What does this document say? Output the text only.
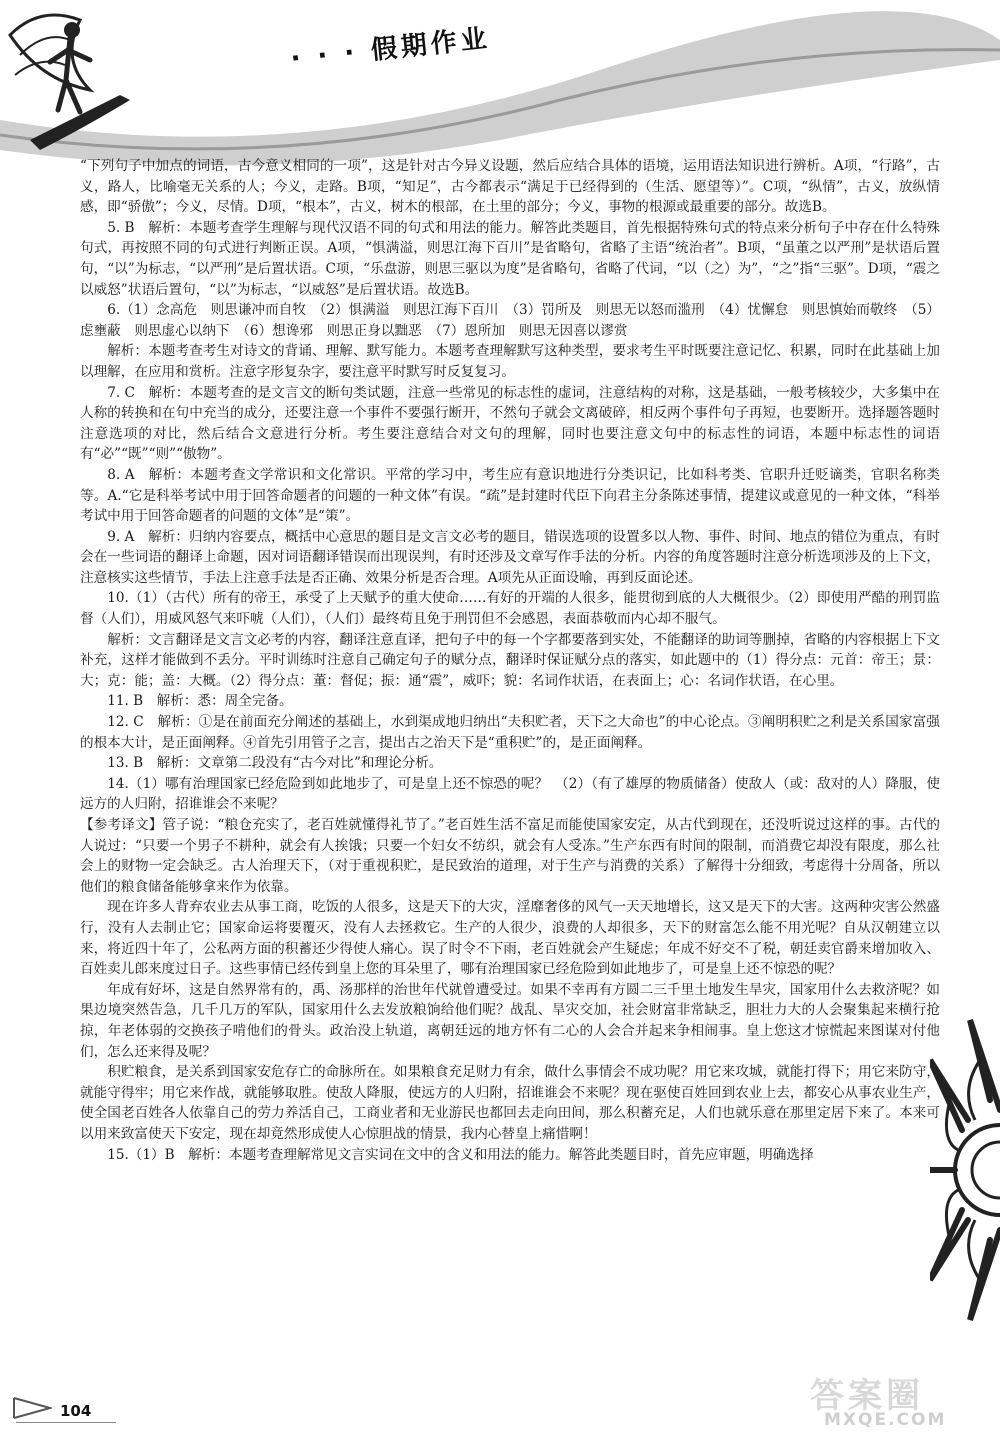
· · · 假期作业

“下列句子中加点的词语，古今意义相同的一项”，这是针对古今异义设题，然后应结合具体的语境，运用语法知识进行辨析。A项，“行路”，古义，路人，比喻毫无关系的人；今义，走路。B项，“知足”，古今都表示“满足于已经得到的（生活、愿望等）”。C项，“纵情”，古义，放纵情感，即“骄傲”；今义，尽情。D项，“根本”，古义，树木的根部，在土里的部分；今义，事物的根源或最重要的部分。故选B。

5. B　解析：本题考查学生理解与现代汉语不同的句式和用法的能力。解答此类题目，首先根据特殊句式的特点来分析句子中存在什么特殊句式，再按照不同的句式进行判断正误。A项，“惧满溢，则思江海下百川”是省略句，省略了主语“统治者”。B项，“虽董之以严刑”是状语后置句，“以”为标志，“以严刑”是后置状语。C项，“乐盘游，则思三驱以为度”是省略句，省略了代词，“以（之）为”，“之”指“三驱”。D项，“震之以威怒”状语后置句，“以”为标志，“以威怒”是后置状语。故选B。

6.（1）念高危　则思谦冲而自牧　（2）惧满溢　则思江海下百川　（3）罚所及　则思无以怒而滥刑　（4）忧懈怠　则思慎始而敬终　（5）虑壅蔽　则思虚心以纳下　（6）想谗邪　则思正身以黜恶　（7）恩所加　则思无因喜以谬赏

解析：本题考查考生对诗文的背诵、理解、默写能力。本题考查理解默写这种类型，要求考生平时既要注意记忆、积累，同时在此基础上加以理解，在应用和赏析。注意字形复杂字，要注意平时默写时反复复习。

7. C　解析：本题考查的是文言文的断句类试题，注意一些常见的标志性的虚词，注意结构的对称，这是基础，一般考核较少，大多集中在人称的转换和在句中充当的成分，还要注意一个事件不要强行断开，不然句子就会文离破碎，相反两个事件句子再短，也要断开。选择题答题时注意选项的对比，然后结合文意进行分析。考生要注意结合对文句的理解，同时也要注意文句中的标志性的词语，本题中标志性的词语有“必”“既”“则”“傲物”。

8. A　解析：本题考查文学常识和文化常识。平常的学习中，考生应有意识地进行分类识记，比如科考类、官职升迁贬谪类，官职名称类等。A.“它是科举考试中用于回答命题者的问题的一种文体”有误。“疏”是封建时代臣下向君主分条陈述事情，提建议或意见的一种文体，“科举考试中用于回答命题者的问题的文体”是“策”。

9. A　解析：归纳内容要点，概括中心意思的题目是文言文必考的题目，错误选项的设置多以人物、事件、时间、地点的错位为重点，有时会在一些词语的翻译上命题，因对词语翻译错误而出现误判，有时还涉及文章写作手法的分析。内容的角度答题时注意分析选项涉及的上下文，注意核实这些情节，手法上注意手法是否正确、效果分析是否合理。A项先从正面设喻，再到反面论述。

10.（1）（古代）所有的帝王，承受了上天赋予的重大使命……有好的开端的人很多，能贯彻到底的人大概很少。（2）即使用严酷的刑罚监督（人们），用威风怒气来吓唬（人们），（人们）最终苟且免于刑罚但不会感恩，表面恭敬而内心却不服气。

解析：文言翻译是文言文必考的内容，翻译注意直译，把句子中的每一个字都要落到实处，不能翻译的助词等删掉，省略的内容根据上下文补充，这样才能做到不丢分。平时训练时注意自己确定句子的赋分点，翻译时保证赋分点的落实，如此题中的（1）得分点：元首：帝王；景：大；克：能；盖：大概。（2）得分点：董：督促；振：通“震”，威吓；貌：名词作状语，在表面上；心：名词作状语，在心里。

11. B　解析：悉：周全完备。

12. C　解析：①是在前面充分阐述的基础上，水到渠成地归纳出“夫积贮者，天下之大命也”的中心论点。③阐明积贮之利是关系国家富强的根本大计，是正面阐释。④首先引用管子之言，提出古之治天下是“重积贮”的，是正面阐释。

13. B　解析：文章第二段没有“古今对比”和理论分析。

14.（1）哪有治理国家已经危险到如此地步了，可是皇上还不惊恐的呢？　（2）（有了雄厚的物质储备）使敌人（或：敌对的人）降服，使远方的人归附，招谁谁会不来呢？

【参考译文】管子说：“粮仓充实了，老百姓就懂得礼节了。”老百姓生活不富足而能使国家安定，从古代到现在，还没听说过这样的事。古代的人说过：“只要一个男子不耕种，就会有人挨饿；只要一个妇女不纺织，就会有人受冻。”生产东西有时间的限制，而消费它却没有限度，那么社会上的财物一定会缺乏。古人治理天下，（对于重视积贮，是民致治的道理，对于生产与消费的关系）了解得十分细致，考虑得十分周备，所以他们的粮食储备能够拿来作为依靠。

现在许多人背弃农业去从事工商，吃饭的人很多，这是天下的大灾，淫靡奢侈的风气一天天地增长，这又是天下的大害。这两种灾害公然盛行，没有人去制止它；国家命运将要覆灭，没有人去拯救它。生产的人很少，浪费的人却很多，天下的财富怎么能不用光呢？自从汉朝建立以来，将近四十年了，公私两方面的积蓄还少得使人痛心。误了时令不下雨，老百姓就会产生疑虑；年成不好交不了税，朝廷卖官爵来增加收入、百姓卖儿郎来度过日子。这些事情已经传到皇上您的耳朵里了，哪有治理国家已经危险到如此地步了，可是皇上还不惊恐的呢？

年成有好坏，这是自然界常有的，禹、汤那样的治世年代就曾遭受过。如果不幸再有方圆二三千里土地发生旱灾，国家用什么去救济呢？如果边境突然告急，几千几万的军队，国家用什么去发放粮饷给他们呢？战乱、旱灾交加，社会财富非常缺乏，胆壮力大的人会聚集起来横行抢掠，年老体弱的交换孩子啃他们的骨头。政治没上轨道，离朝廷远的地方怀有二心的人会合并起来争相闹事。皇上您这才惊慌起来图谋对付他们，怎么还来得及呢？

积贮粮食，是关系到国家安危存亡的命脉所在。如果粮食充足财力有余，做什么事情会不成功呢？用它来攻城，就能打得下；用它来防守，就能守得牢；用它来作战，就能够取胜。使敌人降服，使远方的人归附，招谁谁会不来呢？现在驱使百姓回到农业上去，都安心从事农业生产，使全国老百姓各人依靠自己的劳力养活自己，工商业者和无业游民也都回去走向田间，那么积蓄充足，人们也就乐意在那里定居下来了。本来可以用来致富使天下安定，现在却竟然形成使人心惊胆战的情景，我内心替皇上痛惜啊！

15.（1）B　解析：本题考查理解常见文言实词在文中的含义和用法的能力。解答此类题目时，首先应审题，明确选择

104	答案圈
MXQE.COM
